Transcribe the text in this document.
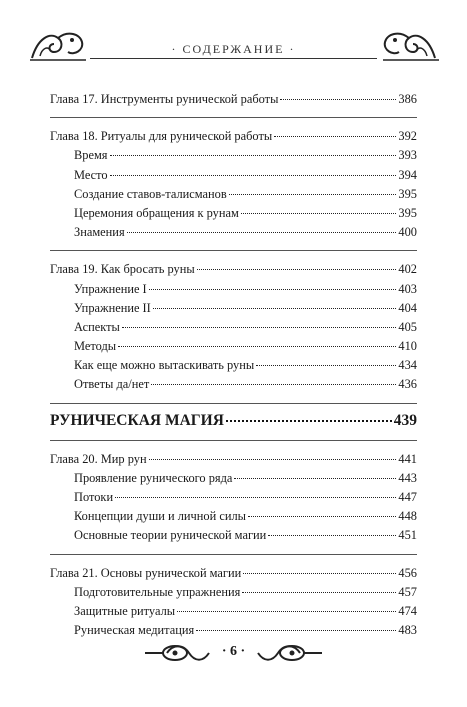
· СОДЕРЖАНИЕ ·
Глава 17. Инструменты рунической работы	386
Глава 18. Ритуалы для рунической работы	392
Время	393
Место	394
Создание ставов-талисманов	395
Церемония обращения к рунам	395
Знамения	400
Глава 19. Как бросать руны	402
Упражнение I	403
Упражнение II	404
Аспекты	405
Методы	410
Как еще можно вытаскивать руны	434
Ответы да/нет	436
РУНИЧЕСКАЯ МАГИЯ	439
Глава 20. Мир рун	441
Проявление рунического ряда	443
Потоки	447
Концепции души и личной силы	448
Основные теории рунической магии	451
Глава 21. Основы рунической магии	456
Подготовительные упражнения	457
Защитные ритуалы	474
Руническая медитация	483
· 6 ·
